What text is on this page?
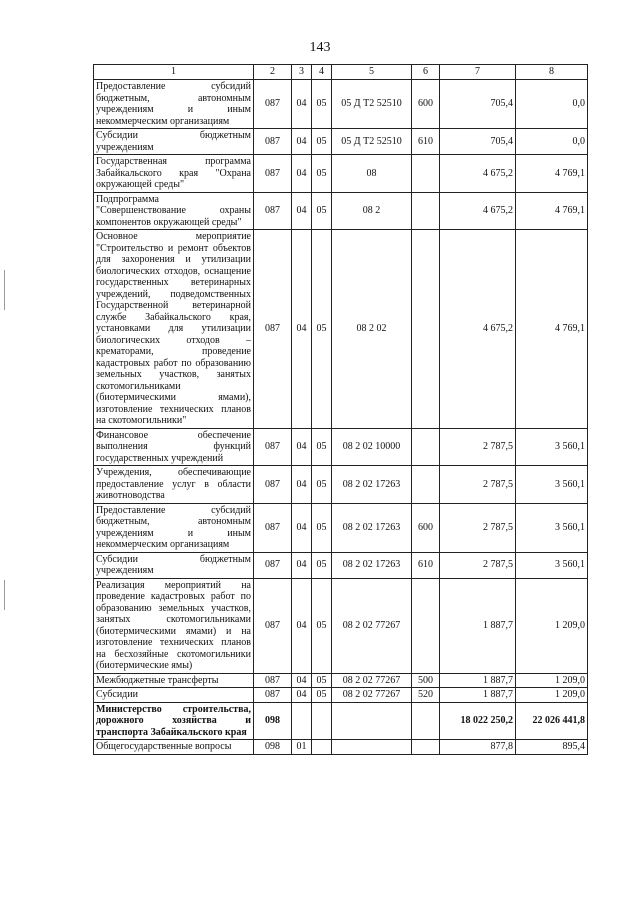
143
1	2	3	4	5	6	7	8
Предоставление субсидий бюджетным, автономным учреждениям и иным некоммерческим организациям	087	04	05	05 Д Т2 52510	600	705,4	0,0
Субсидии бюджетным учреждениям	087	04	05	05 Д Т2 52510	610	705,4	0,0
Государственная программа Забайкальского края "Охрана окружающей среды"	087	04	05	08		4 675,2	4 769,1
Подпрограмма "Совершенствование охраны компонентов окружающей среды"	087	04	05	08 2		4 675,2	4 769,1
Основное мероприятие "Строительство и ремонт объектов для захоронения и утилизации биологических отходов, оснащение государственных ветеринарных учреждений, подведомственных Государственной ветеринарной службе Забайкальского края, установками для утилизации биологических отходов – крематорами, проведение кадастровых работ по образованию земельных участков, занятых скотомогильниками (биотермическими ямами), изготовление технических планов на скотомогильники"	087	04	05	08 2 02		4 675,2	4 769,1
Финансовое обеспечение выполнения функций государственных учреждений	087	04	05	08 2 02 10000		2 787,5	3 560,1
Учреждения, обеспечивающие предоставление услуг в области животноводства	087	04	05	08 2 02 17263		2 787,5	3 560,1
Предоставление субсидий бюджетным, автономным учреждениям и иным некоммерческим организациям	087	04	05	08 2 02 17263	600	2 787,5	3 560,1
Субсидии бюджетным учреждениям	087	04	05	08 2 02 17263	610	2 787,5	3 560,1
Реализация мероприятий на проведение кадастровых работ по образованию земельных участков, занятых скотомогильниками (биотермическими ямами) и на изготовление технических планов на бесхозяйные скотомогильники (биотермические ямы)	087	04	05	08 2 02 77267		1 887,7	1 209,0
Межбюджетные трансферты	087	04	05	08 2 02 77267	500	1 887,7	1 209,0
Субсидии	087	04	05	08 2 02 77267	520	1 887,7	1 209,0
Министерство строительства, дорожного хозяйства и транспорта Забайкальского края	098					18 022 250,2	22 026 441,8
Общегосударственные вопросы	098	01				877,8	895,4
